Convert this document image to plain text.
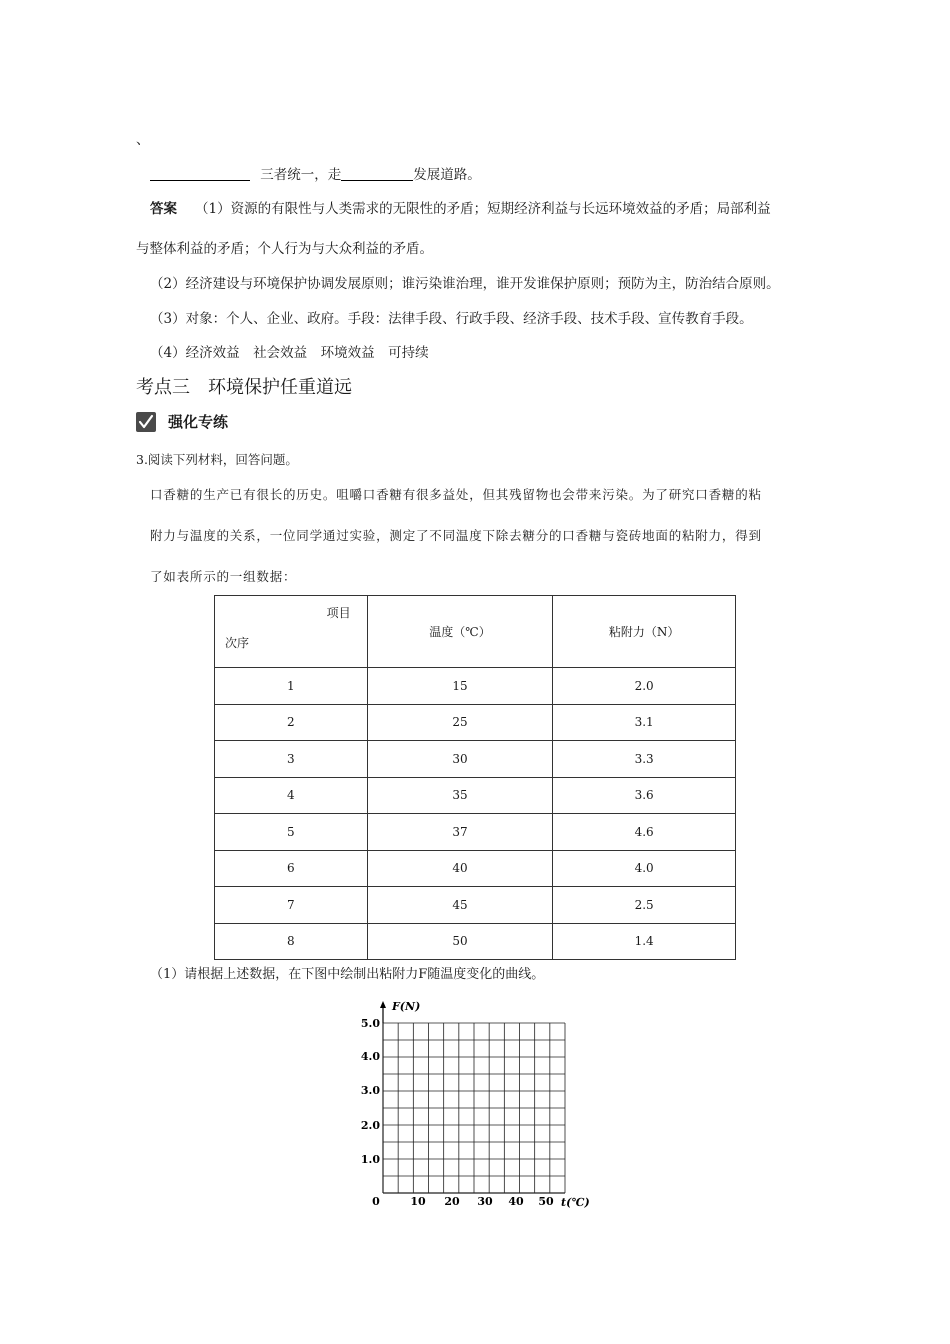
、
三者统一，走	发展道路。
答案 （1）资源的有限性与人类需求的无限性的矛盾；短期经济利益与长远环境效益的矛盾；局部利益
与整体利益的矛盾；个人行为与大众利益的矛盾。
（2）经济建设与环境保护协调发展原则；谁污染谁治理，谁开发谁保护原则；预防为主，防治结合原则。
（3）对象：个人、企业、政府。手段：法律手段、行政手段、经济手段、技术手段、宣传教育手段。
（4）经济效益　社会效益　环境效益　可持续
考点三　环境保护任重道远
强化专练
3.阅读下列材料，回答问题。
口香糖的生产已有很长的历史。咀嚼口香糖有很多益处，但其残留物也会带来污染。为了研究口香糖的粘
附力与温度的关系，一位同学通过实验，测定了不同温度下除去糖分的口香糖与瓷砖地面的粘附力，得到
了如表所示的一组数据：
项目
次序	温度（℃）	粘附力（N）
1	15	2.0
2	25	3.1
3	30	3.3
4	35	3.6
5	37	4.6
6	40	4.0
7	45	2.5
8	50	1.4
（1）请根据上述数据，在下图中绘制出粘附力F随温度变化的曲线。
F(N)
t(℃)
0	10 20 30 40 50
1.0
2.0
3.0
4.0
5.0
